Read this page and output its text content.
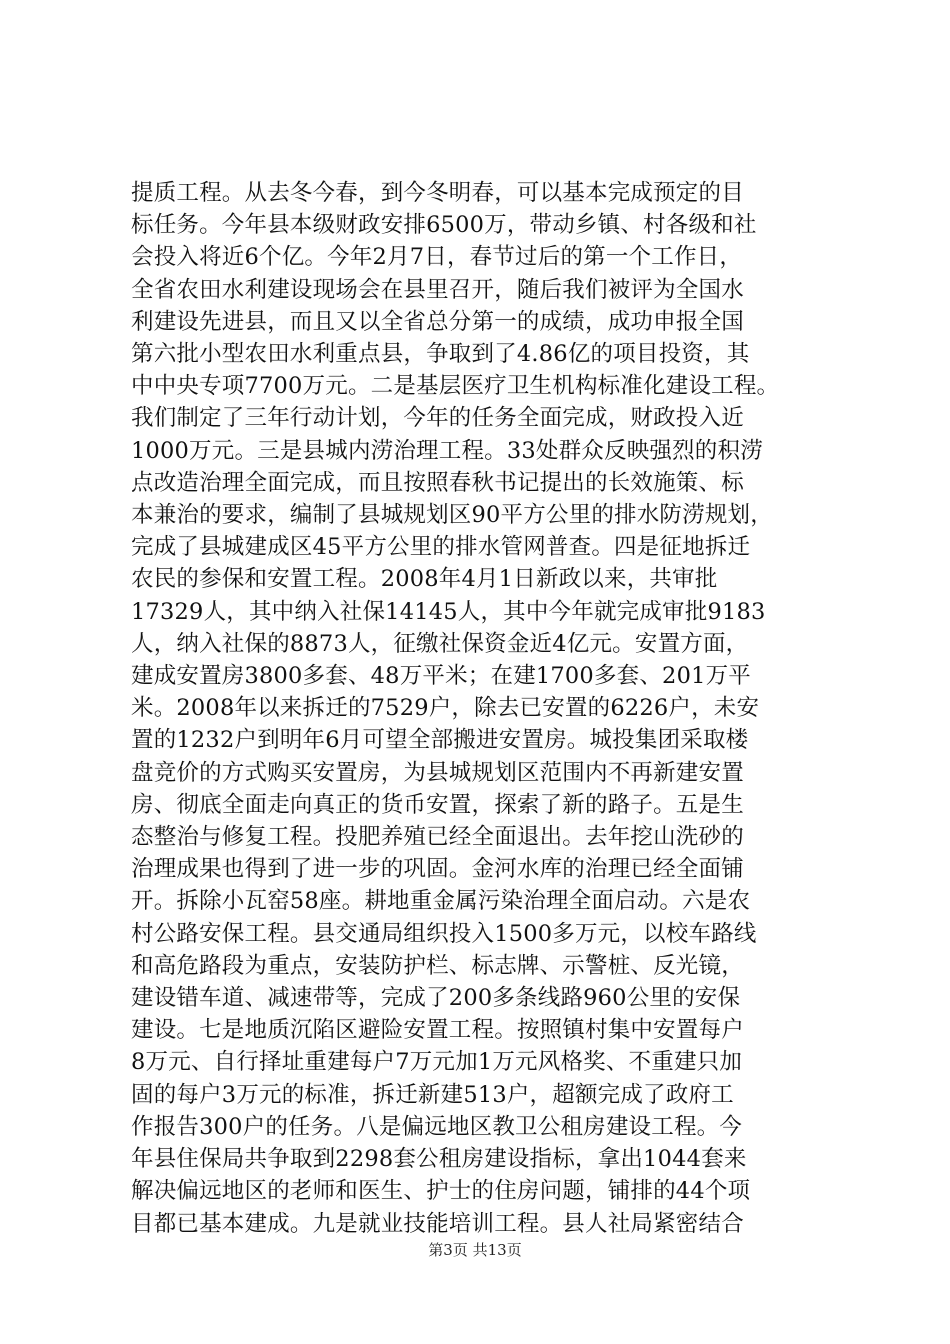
提质工程。从去冬今春，到今冬明春，可以基本完成预定的目
标任务。今年县本级财政安排6500万，带动乡镇、村各级和社
会投入将近6个亿。今年2月7日，春节过后的第一个工作日，
全省农田水利建设现场会在县里召开，随后我们被评为全国水
利建设先进县，而且又以全省总分第一的成绩，成功申报全国
第六批小型农田水利重点县，争取到了4.86亿的项目投资，其
中中央专项7700万元。二是基层医疗卫生机构标准化建设工程。
我们制定了三年行动计划，今年的任务全面完成，财政投入近
1000万元。三是县城内涝治理工程。33处群众反映强烈的积涝
点改造治理全面完成，而且按照春秋书记提出的长效施策、标
本兼治的要求，编制了县城规划区90平方公里的排水防涝规划，
完成了县城建成区45平方公里的排水管网普查。四是征地拆迁
农民的参保和安置工程。2008年4月1日新政以来，共审批
17329人，其中纳入社保14145人，其中今年就完成审批9183
人，纳入社保的8873人，征缴社保资金近4亿元。安置方面，
建成安置房3800多套、48万平米；在建1700多套、201万平
米。2008年以来拆迁的7529户，除去已安置的6226户，未安
置的1232户到明年6月可望全部搬进安置房。城投集团采取楼
盘竞价的方式购买安置房，为县城规划区范围内不再新建安置
房、彻底全面走向真正的货币安置，探索了新的路子。五是生
态整治与修复工程。投肥养殖已经全面退出。去年挖山洗砂的
治理成果也得到了进一步的巩固。金河水库的治理已经全面铺
开。拆除小瓦窑58座。耕地重金属污染治理全面启动。六是农
村公路安保工程。县交通局组织投入1500多万元，以校车路线
和高危路段为重点，安装防护栏、标志牌、示警桩、反光镜，
建设错车道、减速带等，完成了200多条线路960公里的安保
建设。七是地质沉陷区避险安置工程。按照镇村集中安置每户
8万元、自行择址重建每户7万元加1万元风格奖、不重建只加
固的每户3万元的标准，拆迁新建513户，超额完成了政府工
作报告300户的任务。八是偏远地区教卫公租房建设工程。今
年县住保局共争取到2298套公租房建设指标，拿出1044套来
解决偏远地区的老师和医生、护士的住房问题，铺排的44个项
目都已基本建成。九是就业技能培训工程。县人社局紧密结合

第3页 共13页
